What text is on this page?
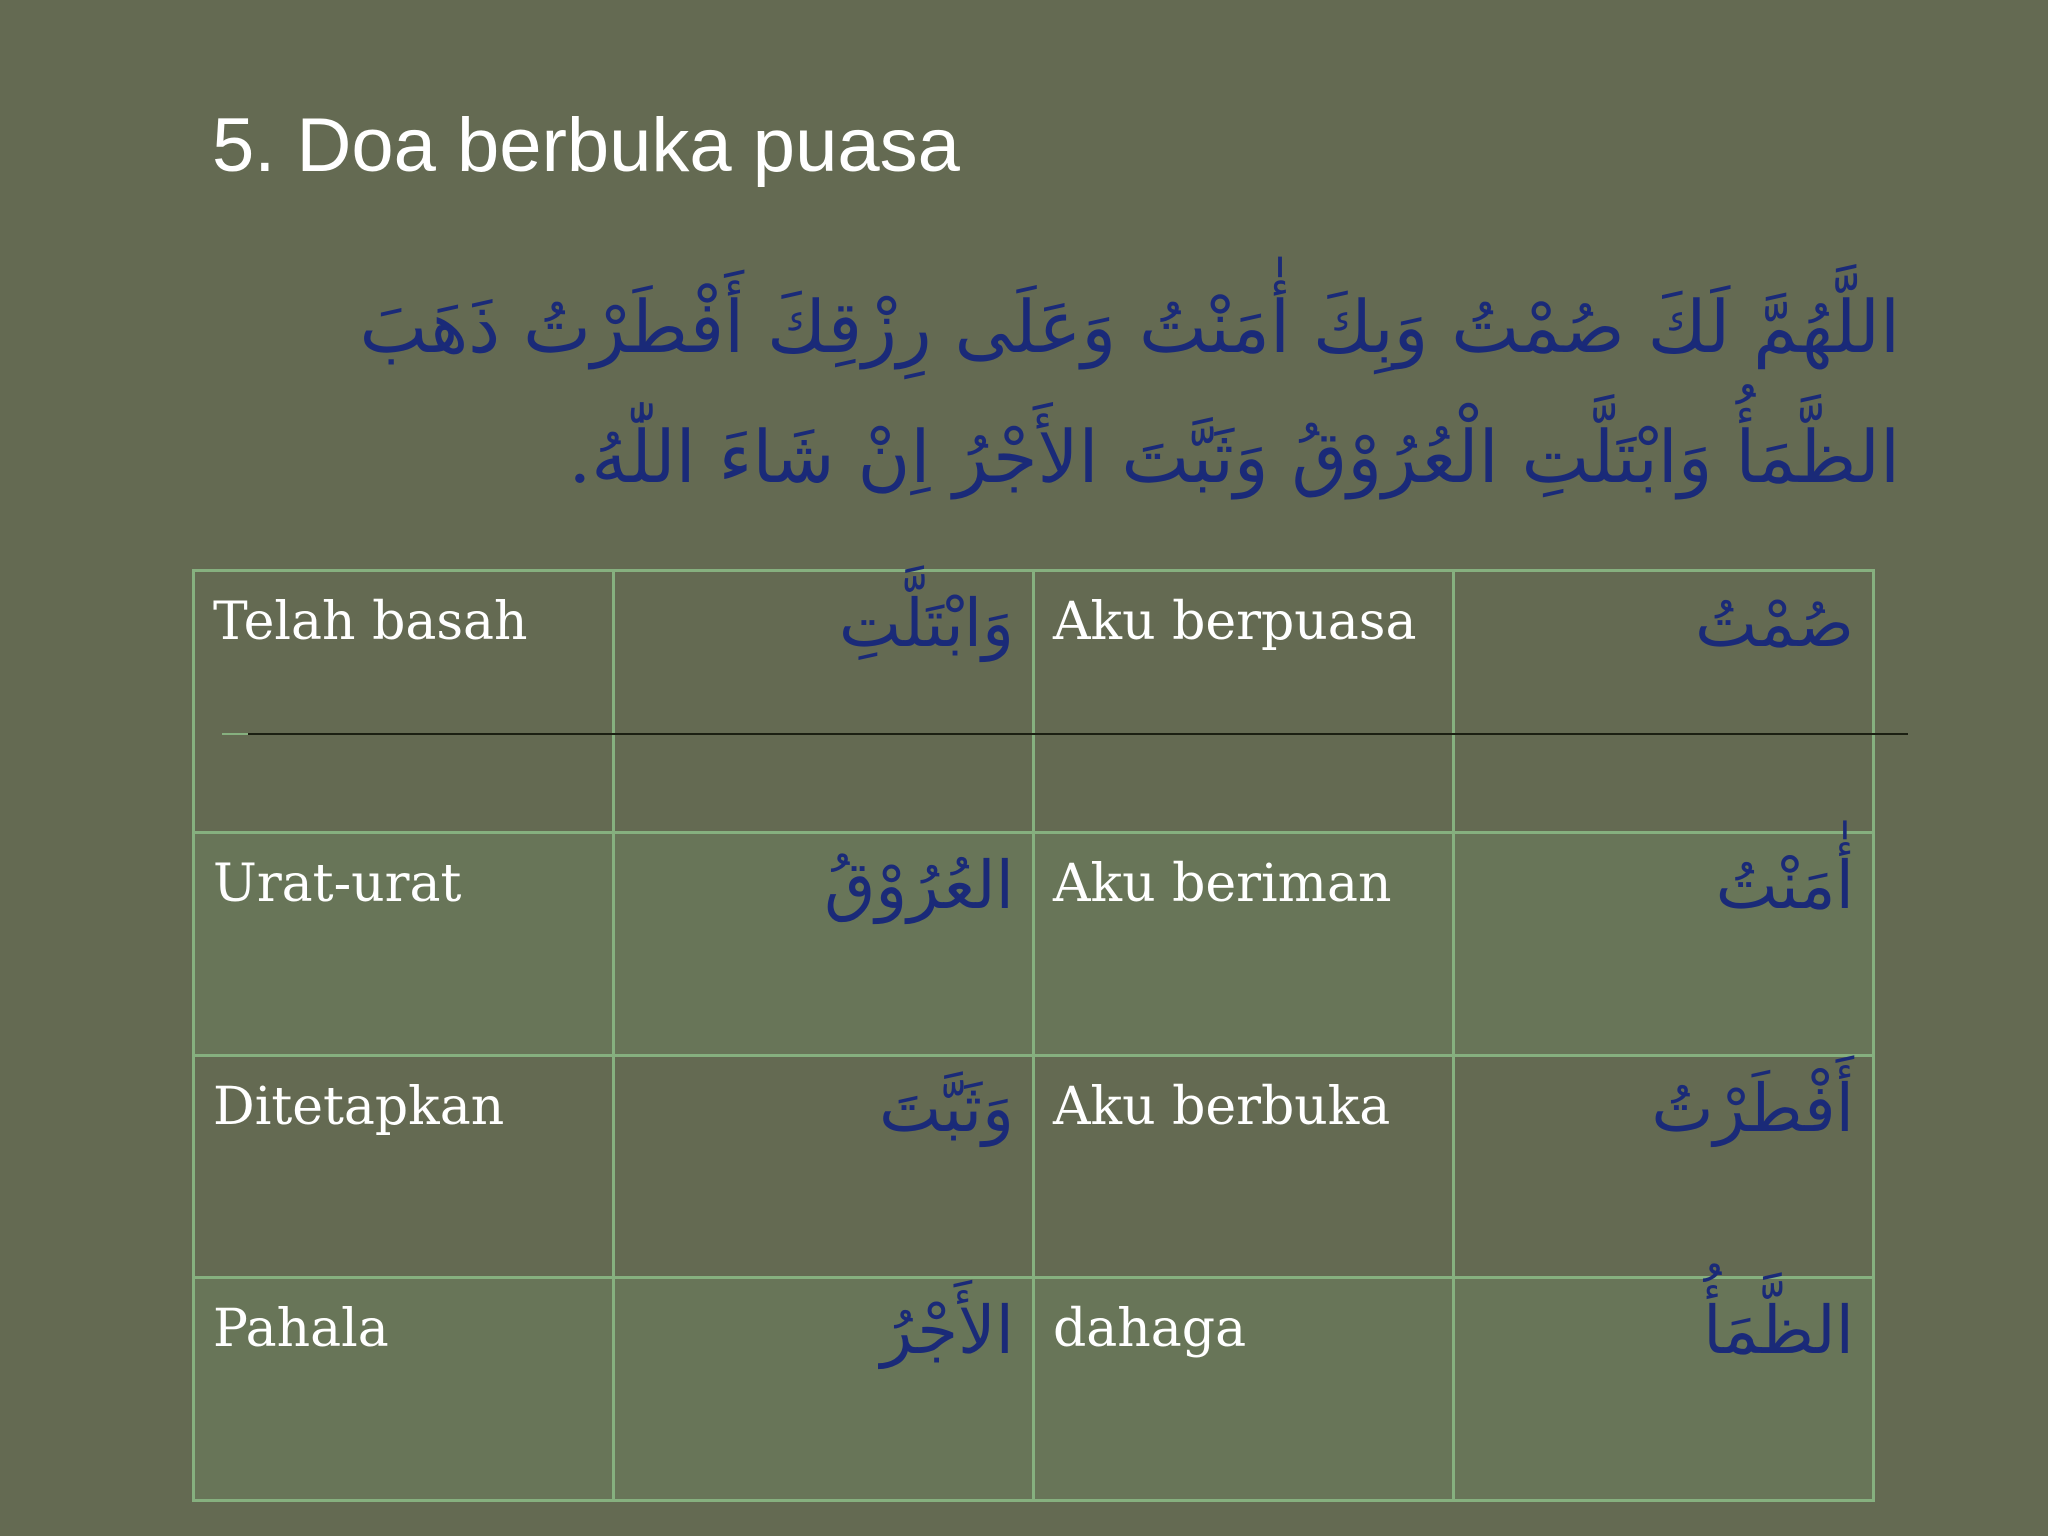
5. Doa berbuka puasa
اللَّهُمَّ لَكَ صُمْتُ وَبِكَ أٰمَنْتُ وَعَلَى رِزْقِكَ أَفْطَرْتُ ذَهَبَ
الظَّمَأُ وَابْتَلَّتِ الْعُرُوْقُ وَثَبَّتَ الأَجْرُ اِنْ شَاءَ اللّٰهُ.
Telah basah	وَابْتَلَّتِ	Aku berpuasa	صُمْتُ
Urat-urat	العُرُوْقُ	Aku beriman	أٰمَنْتُ
Ditetapkan	وَثَبَّتَ	Aku berbuka	أَفْطَرْتُ
Pahala	الأَجْرُ	dahaga	الظَّمَأُ
